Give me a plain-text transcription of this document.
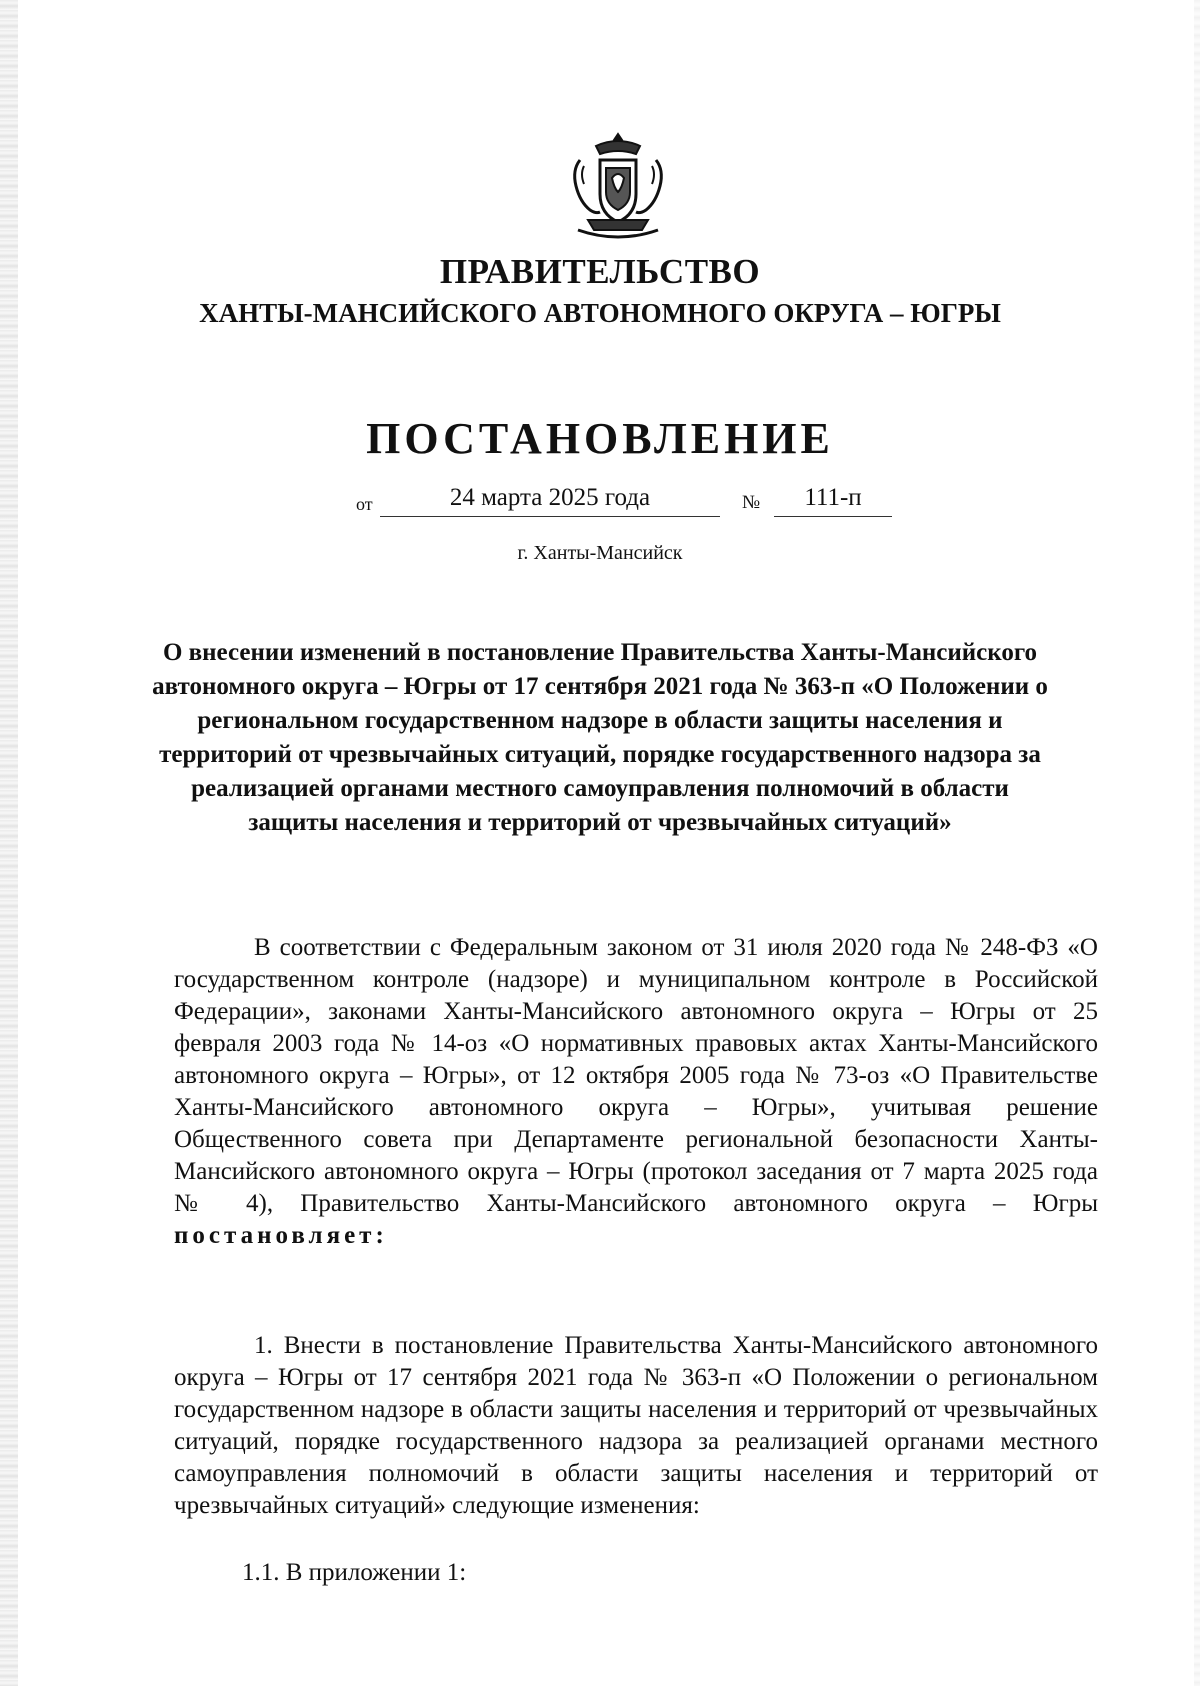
ПРАВИТЕЛЬСТВО
ХАНТЫ-МАНСИЙСКОГО АВТОНОМНОГО ОКРУГА – ЮГРЫ
ПОСТАНОВЛЕНИЕ
от	24 марта 2025 года	№	111-п
г. Ханты-Мансийск
О внесении изменений в постановление Правительства Ханты-Мансийского автономного округа – Югры от 17 сентября 2021 года № 363-п «О Положении о региональном государственном надзоре в области защиты населения и территорий от чрезвычайных ситуаций, порядке государственного надзора за реализацией органами местного самоуправления полномочий в области защиты населения и территорий от чрезвычайных ситуаций»
В соответствии с Федеральным законом от 31 июля 2020 года № 248-ФЗ «О государственном контроле (надзоре) и муниципальном контроле в Российской Федерации», законами Ханты-Мансийского автономного округа – Югры от 25 февраля 2003 года № 14-оз «О нормативных правовых актах Ханты-Мансийского автономного округа – Югры», от 12 октября 2005 года № 73-оз «О Правительстве Ханты-Мансийского автономного округа – Югры», учитывая решение Общественного совета при Департаменте региональной безопасности Ханты-Мансийского автономного округа – Югры (протокол заседания от 7 марта 2025 года № 4), Правительство Ханты-Мансийского автономного округа – Югры постановляет:
1. Внести в постановление Правительства Ханты-Мансийского автономного округа – Югры от 17 сентября 2021 года № 363-п «О Положении о региональном государственном надзоре в области защиты населения и территорий от чрезвычайных ситуаций, порядке государственного надзора за реализацией органами местного самоуправления полномочий в области защиты населения и территорий от чрезвычайных ситуаций» следующие изменения:
1.1. В приложении 1:
